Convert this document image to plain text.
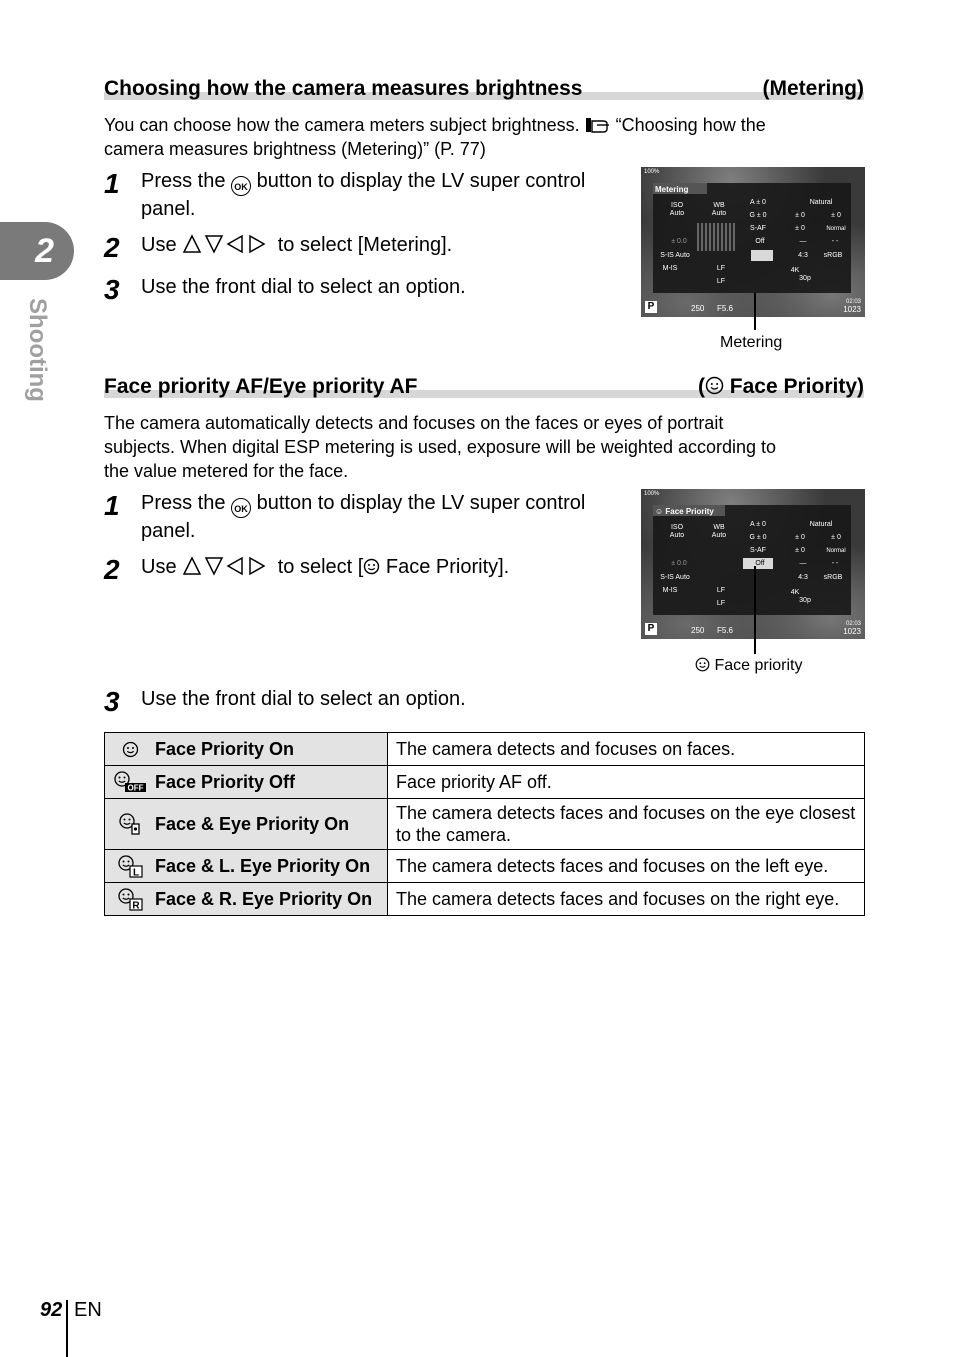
2
Shooting
Choosing how the camera measures brightness	(Metering)
You can choose how the camera meters subject brightness. “Choosing how the
camera measures brightness (Metering)” (P. 77)
1	Press the OK button to display the LV super control
panel.
2	Use	to select [Metering].
3	Use the front dial to select an option.
100%
Metering
ISO
Auto
WB
Auto
A ± 0
G ± 0
Natural
± 0	± 0
S-AF	± 0	Normal
± 0.0	Off	—	- -
S-IS Auto	4:3	sRGB
M-IS	LF
LF
4K
30p
P	250 F5.6
02:03
1023
Metering
Face priority AF/Eye priority AF	( Face Priority)
The camera automatically detects and focuses on the faces or eyes of portrait
subjects. When digital ESP metering is used, exposure will be weighted according to
the value metered for the face.
1	Press the OK button to display the LV super control
panel.
2	Use	to select [ Face Priority].
100%
☺ Face Priority
ISO
Auto
WB
Auto
A ± 0
G ± 0
Natural
± 0	± 0
S-AF	± 0	Normal
± 0.0	Off	—	- -
S-IS Auto	4:3	sRGB
M-IS	LF
LF
4K
30p
P	250 F5.6
02:03
1023
Face priority
3	Use the front dial to select an option.
Face Priority On	The camera detects and focuses on faces.

OFF Face Priority Off	Face priority AF off.

Face & Eye Priority On	The camera detects faces and focuses on the eye closest to the camera.

L Face & L. Eye Priority On	The camera detects faces and focuses on the left eye.

R Face & R. Eye Priority On	The camera detects faces and focuses on the right eye.
92 EN
